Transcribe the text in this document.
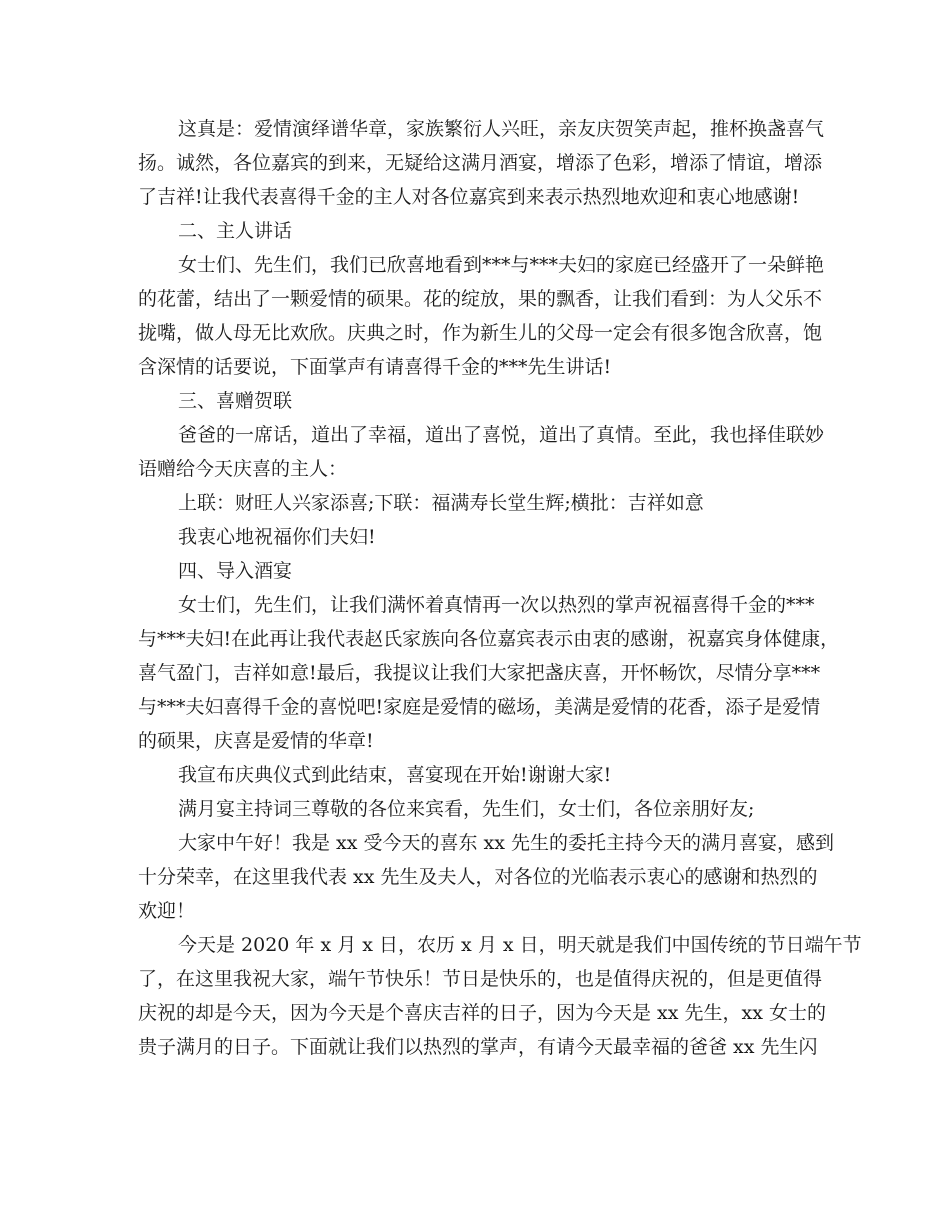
这真是：爱情演绎谱华章，家族繁衍人兴旺，亲友庆贺笑声起，推杯换盏喜气
扬。诚然，各位嘉宾的到来，无疑给这满月酒宴，增添了色彩，增添了情谊，增添
了吉祥!让我代表喜得千金的主人对各位嘉宾到来表示热烈地欢迎和衷心地感谢!
二、主人讲话
女士们、先生们，我们已欣喜地看到***与***夫妇的家庭已经盛开了一朵鲜艳
的花蕾，结出了一颗爱情的硕果。花的绽放，果的飘香，让我们看到：为人父乐不
拢嘴，做人母无比欢欣。庆典之时，作为新生儿的父母一定会有很多饱含欣喜，饱
含深情的话要说，下面掌声有请喜得千金的***先生讲话!
三、喜赠贺联
爸爸的一席话，道出了幸福，道出了喜悦，道出了真情。至此，我也择佳联妙
语赠给今天庆喜的主人：
上联：财旺人兴家添喜;下联：福满寿长堂生辉;横批：吉祥如意
我衷心地祝福你们夫妇!
四、导入酒宴
女士们，先生们，让我们满怀着真情再一次以热烈的掌声祝福喜得千金的***
与***夫妇!在此再让我代表赵氏家族向各位嘉宾表示由衷的感谢，祝嘉宾身体健康，
喜气盈门，吉祥如意!最后，我提议让我们大家把盏庆喜，开怀畅饮，尽情分享***
与***夫妇喜得千金的喜悦吧!家庭是爱情的磁场，美满是爱情的花香，添子是爱情
的硕果，庆喜是爱情的华章!
我宣布庆典仪式到此结束，喜宴现在开始!谢谢大家!
满月宴主持词三尊敬的各位来宾看，先生们，女士们，各位亲朋好友;
大家中午好！我是 xx 受今天的喜东 xx 先生的委托主持今天的满月喜宴，感到
十分荣幸，在这里我代表 xx 先生及夫人，对各位的光临表示衷心的感谢和热烈的
欢迎！
今天是 2020 年 x 月 x 日，农历 x 月 x 日，明天就是我们中国传统的节日端午节
了，在这里我祝大家，端午节快乐！节日是快乐的，也是值得庆祝的，但是更值得
庆祝的却是今天，因为今天是个喜庆吉祥的日子，因为今天是 xx 先生，xx 女士的
贵子满月的日子。下面就让我们以热烈的掌声，有请今天最幸福的爸爸 xx 先生闪
